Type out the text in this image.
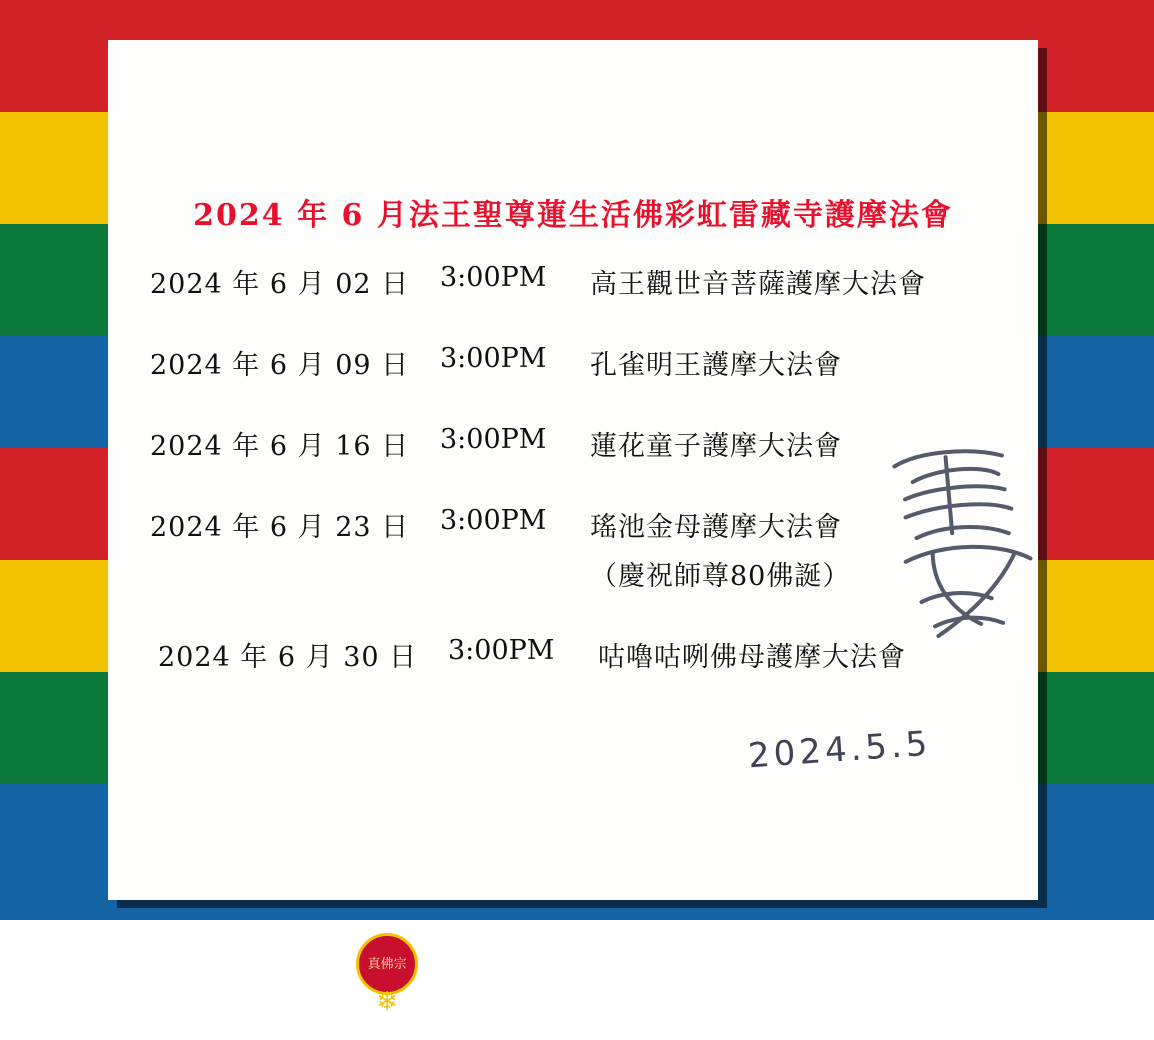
2024 年 6 月法王聖尊蓮生活佛彩虹雷藏寺護摩法會
2024 年 6 月 02 日	3:00PM	高王觀世音菩薩護摩大法會
2024 年 6 月 09 日	3:00PM	孔雀明王護摩大法會
2024 年 6 月 16 日	3:00PM	蓮花童子護摩大法會
2024 年 6 月 23 日	3:00PM	瑤池金母護摩大法會
（慶祝師尊80佛誕）
2024 年 6 月 30 日	3:00PM	咕嚕咕咧佛母護摩大法會
2024.5.5
©	真佛宗
❄
真佛宗全球資訊網
TRUE BUDDHA SCHOOL NET
